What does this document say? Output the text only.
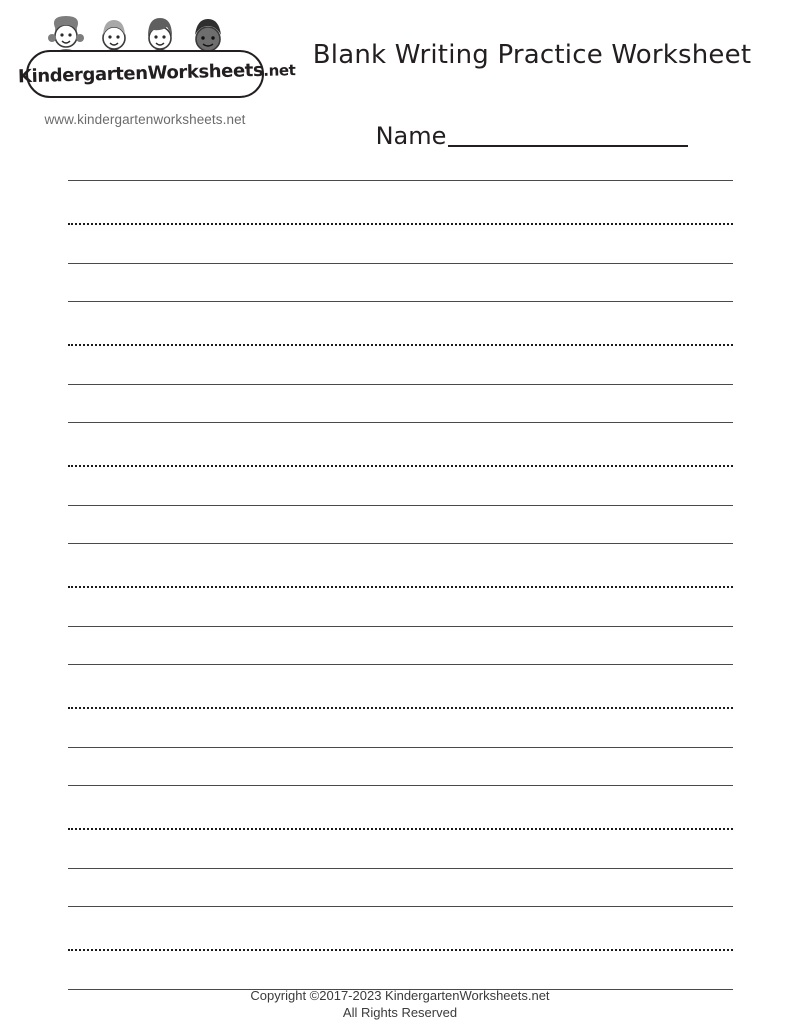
KindergartenWorksheets.net
www.kindergartenworksheets.net
Blank Writing Practice Worksheet
Name
Copyright ©2017-2023 KindergartenWorksheets.net
All Rights Reserved
